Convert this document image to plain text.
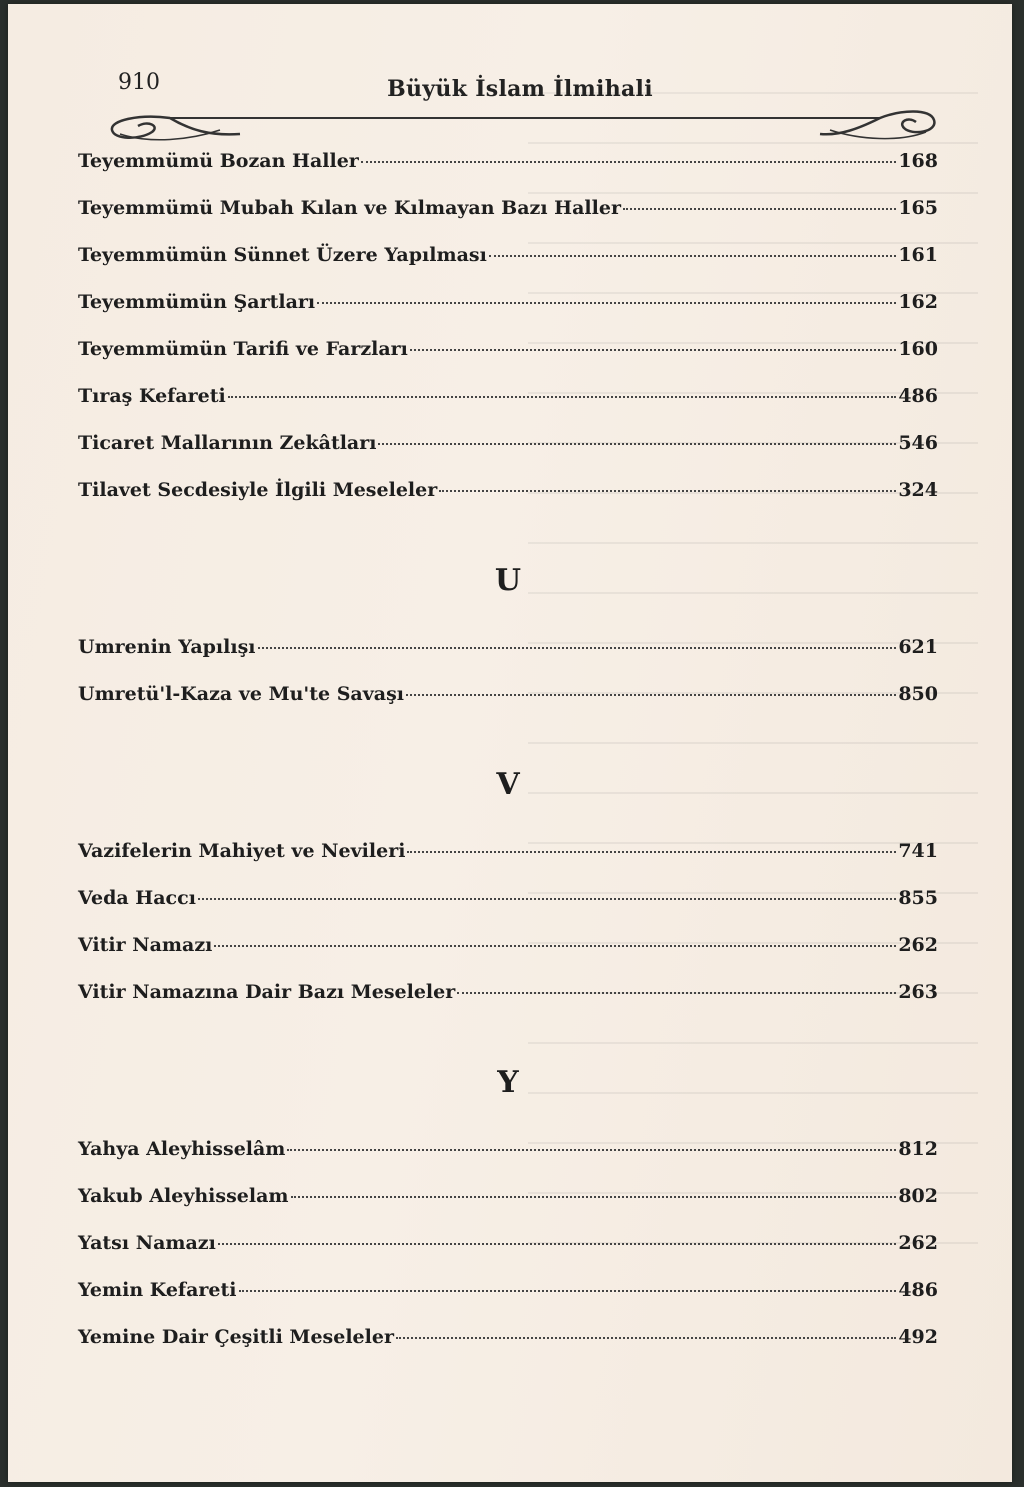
910	Büyük İslam İlmihali
Teyemmümü Bozan Haller	168
Teyemmümü Mubah Kılan ve Kılmayan Bazı Haller	165
Teyemmümün Sünnet Üzere Yapılması	161
Teyemmümün Şartları	162
Teyemmümün Tarifi ve Farzları	160
Tıraş Kefareti	486
Ticaret Mallarının Zekâtları	546
Tilavet Secdesiyle İlgili Meseleler	324
U
Umrenin Yapılışı	621
Umretü'l-Kaza ve Mu'te Savaşı	850
V
Vazifelerin Mahiyet ve Nevileri	741
Veda Haccı	855
Vitir Namazı	262
Vitir Namazına Dair Bazı Meseleler	263
Y
Yahya Aleyhisselâm	812
Yakub Aleyhisselam	802
Yatsı Namazı	262
Yemin Kefareti	486
Yemine Dair Çeşitli Meseleler	492
